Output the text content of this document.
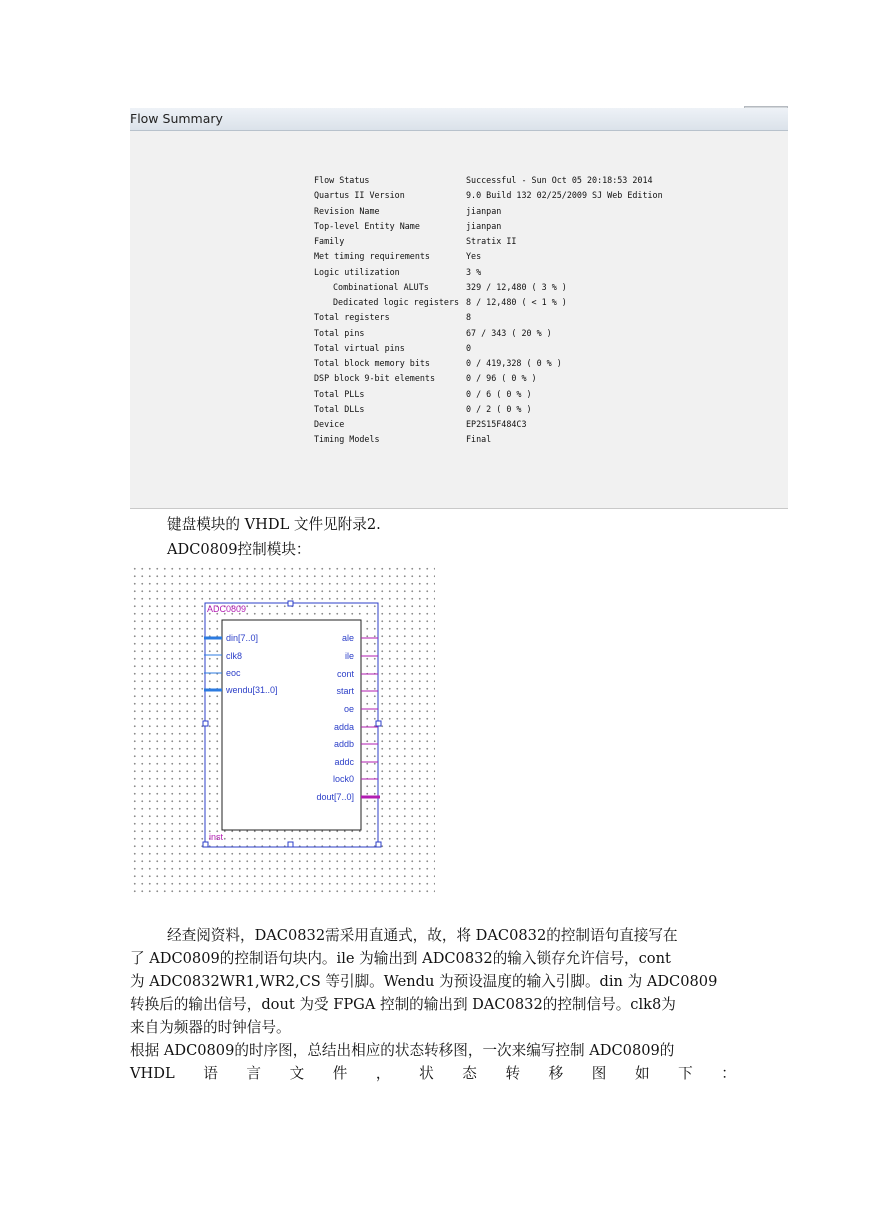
Flow Summary
Flow Status	Successful - Sun Oct 05 20:18:53 2014
Quartus II Version	9.0 Build 132 02/25/2009 SJ Web Edition
Revision Name	jianpan
Top-level Entity Name	jianpan
Family	Stratix II
Met timing requirements	Yes
Logic utilization	3 %
Combinational ALUTs	329 / 12,480 ( 3 % )
Dedicated logic registers 8 / 12,480 ( < 1 % )
Total registers	8
Total pins	67 / 343 ( 20 % )
Total virtual pins	0
Total block memory bits	0 / 419,328 ( 0 % )
DSP block 9-bit elements	0 / 96 ( 0 % )
Total PLLs	0 / 6 ( 0 % )
Total DLLs	0 / 2 ( 0 % )
Device	EP2S15F484C3
Timing Models	Final
键盘模块的 VHDL 文件见附录2.
ADC0809控制模块：
ADC0809
inst
din[7..0]
clk8
eoc
wendu[31..0]
ale
ile
cont
start
oe
adda
addb
addc
lock0
dout[7..0]
经查阅资料，DAC0832需采用直通式，故，将 DAC0832的控制语句直接写在
了 ADC0809的控制语句块内。ile 为输出到 ADC0832的输入锁存允许信号，cont
为 ADC0832WR1,WR2,CS 等引脚。Wendu 为预设温度的输入引脚。din 为 ADC0809
转换后的输出信号，dout 为受 FPGA 控制的输出到 DAC0832的控制信号。clk8为
来自为频器的时钟信号。
根据 ADC0809的时序图，总结出相应的状态转移图，一次来编写控制 ADC0809的
VHDL 语 言 文 件 ， 状 态 转 移 图 如 下 ：
